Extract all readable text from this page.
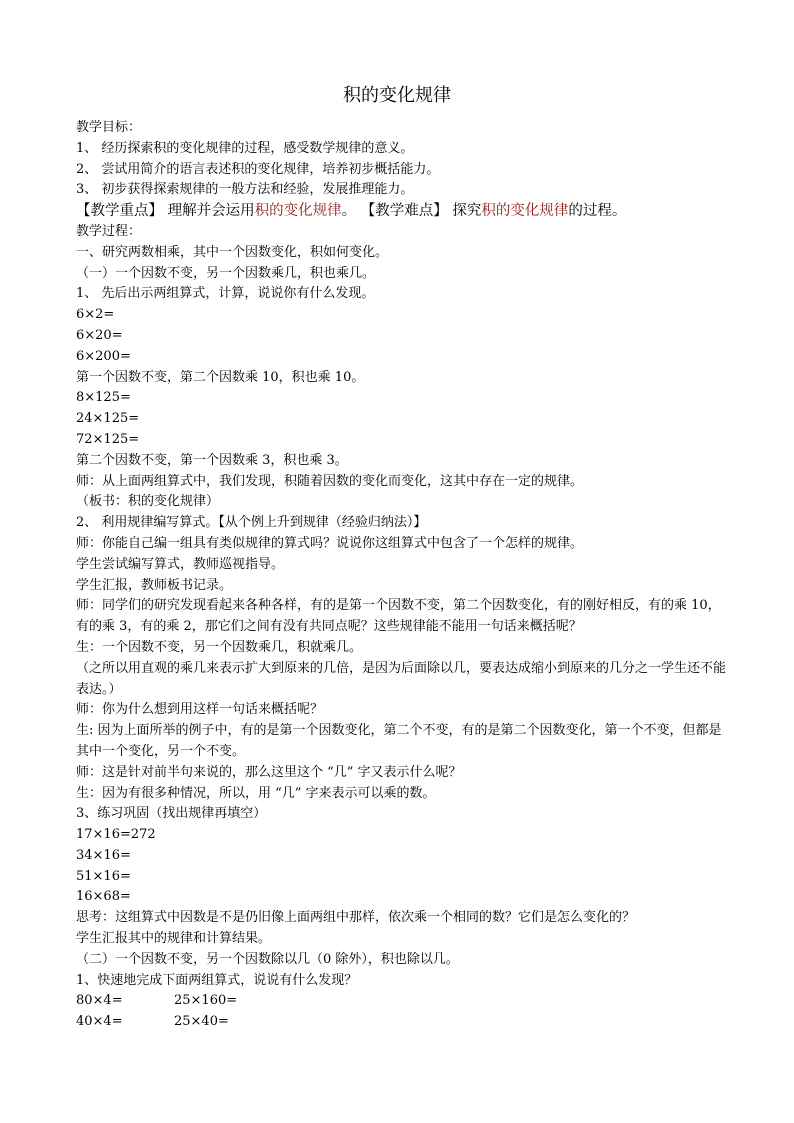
积的变化规律
教学目标：
1、 经历探索积的变化规律的过程，感受数学规律的意义。
2、 尝试用简介的语言表述积的变化规律，培养初步概括能力。
3、 初步获得探索规律的一般方法和经验，发展推理能力。
【教学重点】 理解并会运用积的变化规律。 【教学难点】 探究积的变化规律的过程。
教学过程：
一、研究两数相乘，其中一个因数变化，积如何变化。
（一）一个因数不变，另一个因数乘几，积也乘几。
1、 先后出示两组算式，计算，说说你有什么发现。
6×2=
6×20=
6×200=
第一个因数不变，第二个因数乘 10，积也乘 10。
8×125=
24×125=
72×125=
第二个因数不变，第一个因数乘 3，积也乘 3。
师：从上面两组算式中，我们发现，积随着因数的变化而变化，这其中存在一定的规律。
（板书：积的变化规律）
2、 利用规律编写算式。【从个例上升到规律（经验归纳法）】
师：你能自己编一组具有类似规律的算式吗？说说你这组算式中包含了一个怎样的规律。
学生尝试编写算式，教师巡视指导。
学生汇报，教师板书记录。
师：同学们的研究发现看起来各种各样，有的是第一个因数不变，第二个因数变化，有的刚好相反，有的乘 10，有的乘 3，有的乘 2，那它们之间有没有共同点呢？这些规律能不能用一句话来概括呢？
生：一个因数不变，另一个因数乘几，积就乘几。
（之所以用直观的乘几来表示扩大到原来的几倍，是因为后面除以几，要表达成缩小到原来的几分之一学生还不能表达。）
师：你为什么想到用这样一句话来概括呢？
生: 因为上面所举的例子中，有的是第一个因数变化，第二个不变，有的是第二个因数变化，第一个不变，但都是其中一个变化，另一个不变。
师：这是针对前半句来说的，那么这里这个 “几” 字又表示什么呢？
生：因为有很多种情况，所以，用 “几” 字来表示可以乘的数。
3、练习巩固（找出规律再填空）
17×16=272
34×16=
51×16=
16×68=
思考：这组算式中因数是不是仍旧像上面两组中那样，依次乘一个相同的数？它们是怎么变化的？
学生汇报其中的规律和计算结果。
（二）一个因数不变，另一个因数除以几（0 除外），积也除以几。
1、快速地完成下面两组算式，说说有什么发现？
80×4=	25×160=
40×4=	25×40=
